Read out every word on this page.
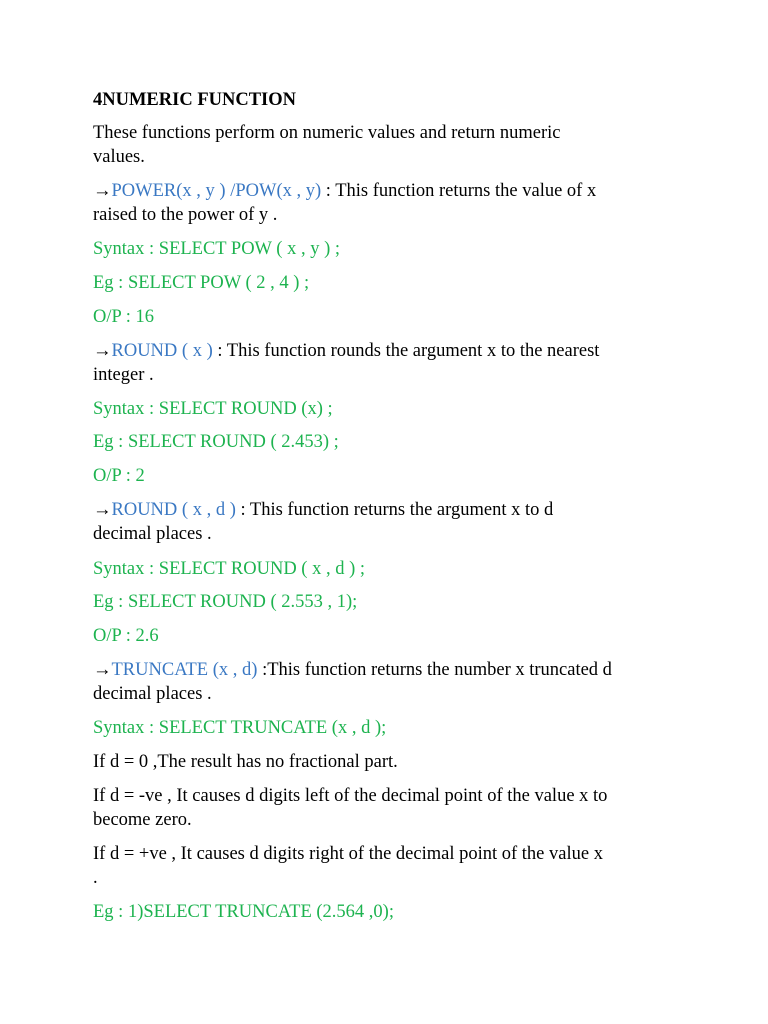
4NUMERIC FUNCTION
These functions perform on numeric values and return numeric
values.
→POWER(x , y ) /POW(x , y) : This function returns the value of x
raised to the power of y .
Syntax : SELECT POW ( x , y ) ;
Eg : SELECT POW ( 2 , 4 ) ;
O/P : 16
→ROUND ( x ) : This function rounds the argument x to the nearest
integer .
Syntax : SELECT ROUND (x) ;
Eg : SELECT ROUND ( 2.453) ;
O/P : 2
→ROUND ( x , d ) : This function returns the argument x to d
decimal places .
Syntax : SELECT ROUND ( x , d ) ;
Eg : SELECT ROUND ( 2.553 , 1);
O/P : 2.6
→TRUNCATE (x , d) :This function returns the number x truncated d
decimal places .
Syntax : SELECT TRUNCATE (x , d );
If d = 0 ,The result has no fractional part.
If d = -ve , It causes d digits left of the decimal point of the value x to
become zero.
If d = +ve , It causes d digits right of the decimal point of the value x
.
Eg : 1)SELECT TRUNCATE (2.564 ,0);
